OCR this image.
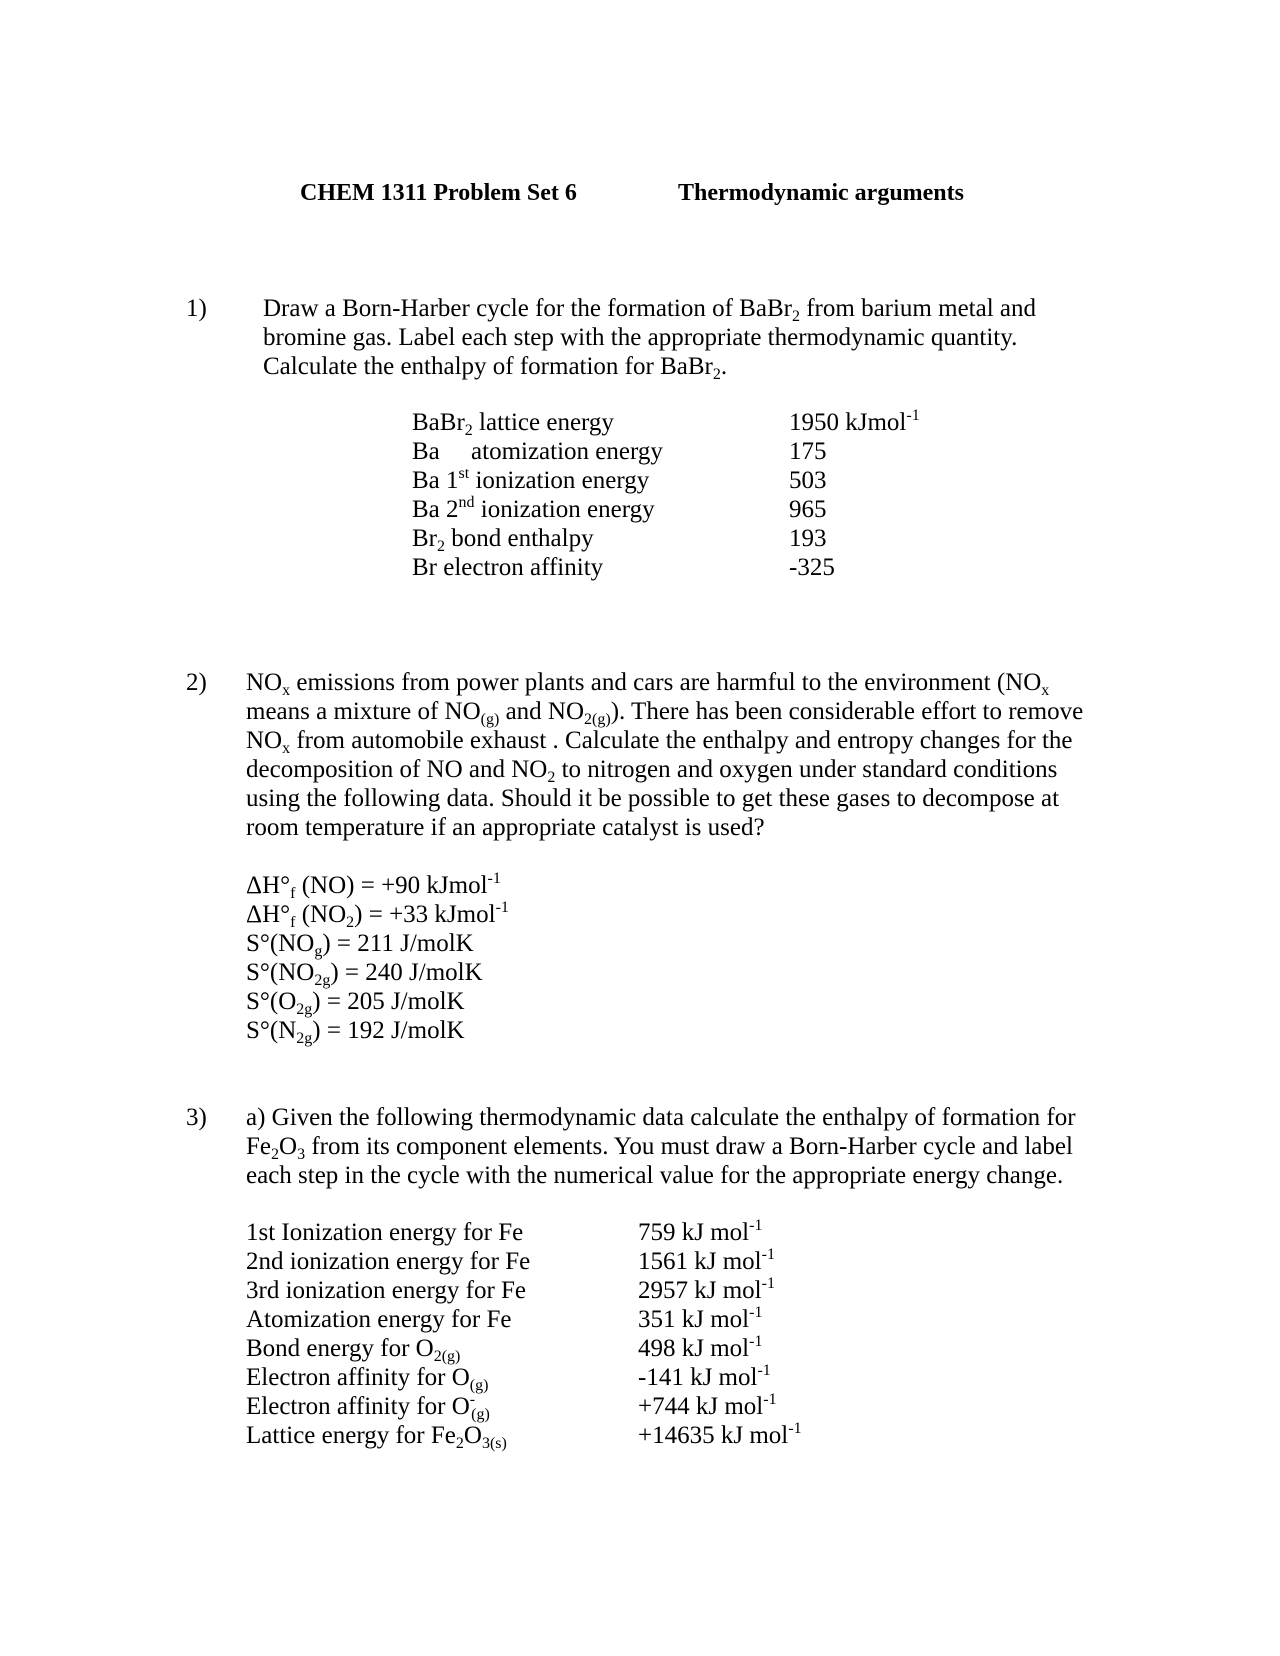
CHEM 1311 Problem Set 6	Thermodynamic arguments
1) Draw a Born-Harber cycle for the formation of BaBr$_2$ from barium metal and bromine gas. Label each step with the appropriate thermodynamic quantity. Calculate the enthalpy of formation for BaBr$_2$.
BaBr$_2$ lattice energy
Ba     atomization energy
Ba 1st ionization energy
Ba 2nd ionization energy
$Br_2$ bond enthalpy
Br electron affinity
1950 kJmol$^{-1}$
175
503
965
193
-325
2) $NO_x$ emissions from power plants and cars are harmful to the environment ($NO_x$ means a mixture of $NO_{(g)}$ and $NO_{2(g)}$). There has been considerable effort to remove $NO_x$ from automobile exhaust . Calculate the enthalpy and entropy changes for the decomposition of NO and $NO_2$ to nitrogen and oxygen under standard conditions using the following data. Should it be possible to get these gases to decompose at room temperature if an appropriate catalyst is used?
$\Delta H^\circ_f$ (NO) = +90 kJmol$^{-1}$
$\Delta H^\circ_f$ $(NO_2) = +33$ kJmol$^{-1}$
$S^\circ(NO_g) = 211$ J/molK
$S^\circ(NO_{2g}) = 240$ J/molK
$S^\circ(O_{2g}) = 205$ J/molK
$S^\circ(N_{2g}) = 192$ J/molK
3) a) Given the following thermodynamic data calculate the enthalpy of formation for $Fe_2O_3$ from its component elements. You must draw a Born-Harber cycle and label each step in the cycle with the numerical value for the appropriate energy change.
1st Ionization energy for Fe
2nd ionization energy for Fe
3rd ionization energy for Fe
Atomization energy for Fe
Bond energy for $O_{2(g)}$
Electron affinity for $O_{(g)}$
Electron affinity for $O^-_{(g)}$
Lattice energy for $Fe_2O_{3(s)}$
759 kJ mol$^{-1}$
1561 kJ mol$^{-1}$
2957 kJ mol$^{-1}$
351 kJ mol$^{-1}$
498 kJ mol$^{-1}$
-141 kJ mol$^{-1}$
+744 kJ mol$^{-1}$
+14635 kJ mol$^{-1}$
